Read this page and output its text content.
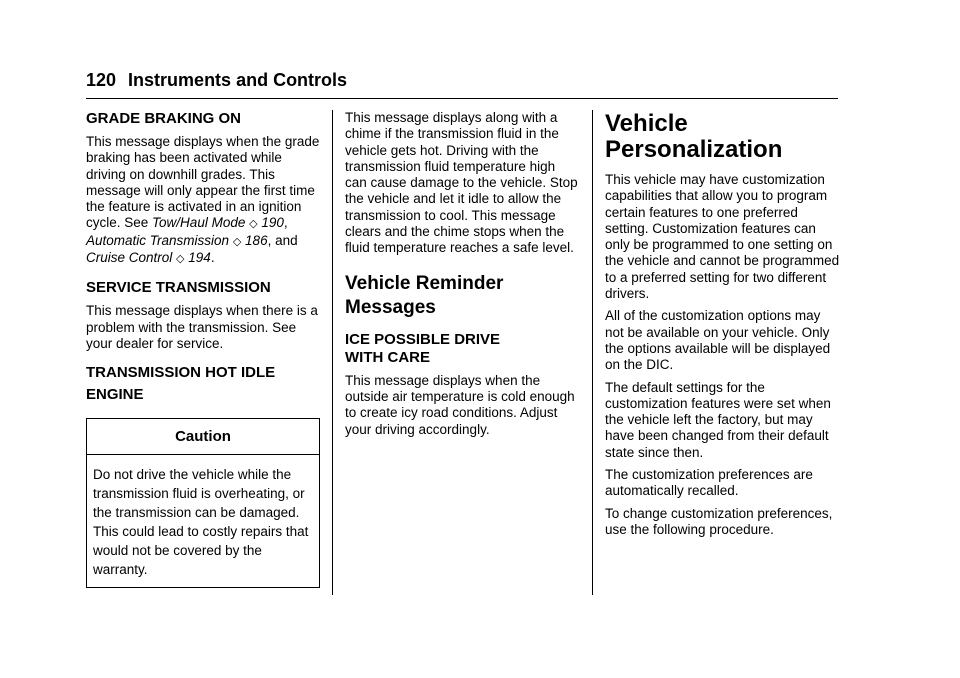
120 Instruments and Controls
GRADE BRAKING ON

This message displays when the grade braking has been activated while driving on downhill grades. This message will only appear the first time the feature is activated in an ignition cycle. See Tow/Haul Mode ◇ 190, Automatic Transmission ◇ 186, and Cruise Control ◇ 194.

SERVICE TRANSMISSION

This message displays when there is a problem with the transmission. See your dealer for service.

TRANSMISSION HOT IDLE
ENGINE
Caution
Do not drive the vehicle while the transmission fluid is overheating, or the transmission can be damaged. This could lead to costly repairs that would not be covered by the warranty.

This message displays along with a chime if the transmission fluid in the vehicle gets hot. Driving with the transmission fluid temperature high can cause damage to the vehicle. Stop the vehicle and let it idle to allow the transmission to cool. This message clears and the chime stops when the fluid temperature reaches a safe level.

Vehicle Reminder
Messages
ICE POSSIBLE DRIVE
WITH CARE

This message displays when the outside air temperature is cold enough to create icy road conditions. Adjust your driving accordingly.

Vehicle
Personalization

This vehicle may have customization capabilities that allow you to program certain features to one preferred setting. Customization features can only be programmed to one setting on the vehicle and cannot be programmed to a preferred setting for two different drivers.

All of the customization options may not be available on your vehicle. Only the options available will be displayed on the DIC.

The default settings for the customization features were set when the vehicle left the factory, but may have been changed from their default state since then.

The customization preferences are automatically recalled.

To change customization preferences, use the following procedure.
